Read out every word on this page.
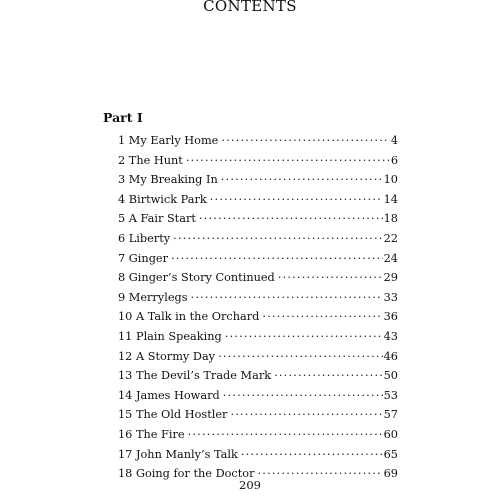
CONTENTS
Part I
1 My Early Home . . .	4
2 The Hunt . . .	6
3 My Breaking In . . .	10
4 Birtwick Park . . .	14
5 A Fair Start . . .	18
6 Liberty . . .	22
7 Ginger . . .	24
8 Ginger’s Story Continued . . .	29
9 Merrylegs . . .	33
10 A Talk in the Orchard . . .	36
11 Plain Speaking . . .	43
12 A Stormy Day . . .	46
13 The Devil’s Trade Mark . . .	50
14 James Howard . . .	53
15 The Old Hostler . . .	57
16 The Fire . . .	60
17 John Manly’s Talk . . .	65
18 Going for the Doctor . . .	69
209
